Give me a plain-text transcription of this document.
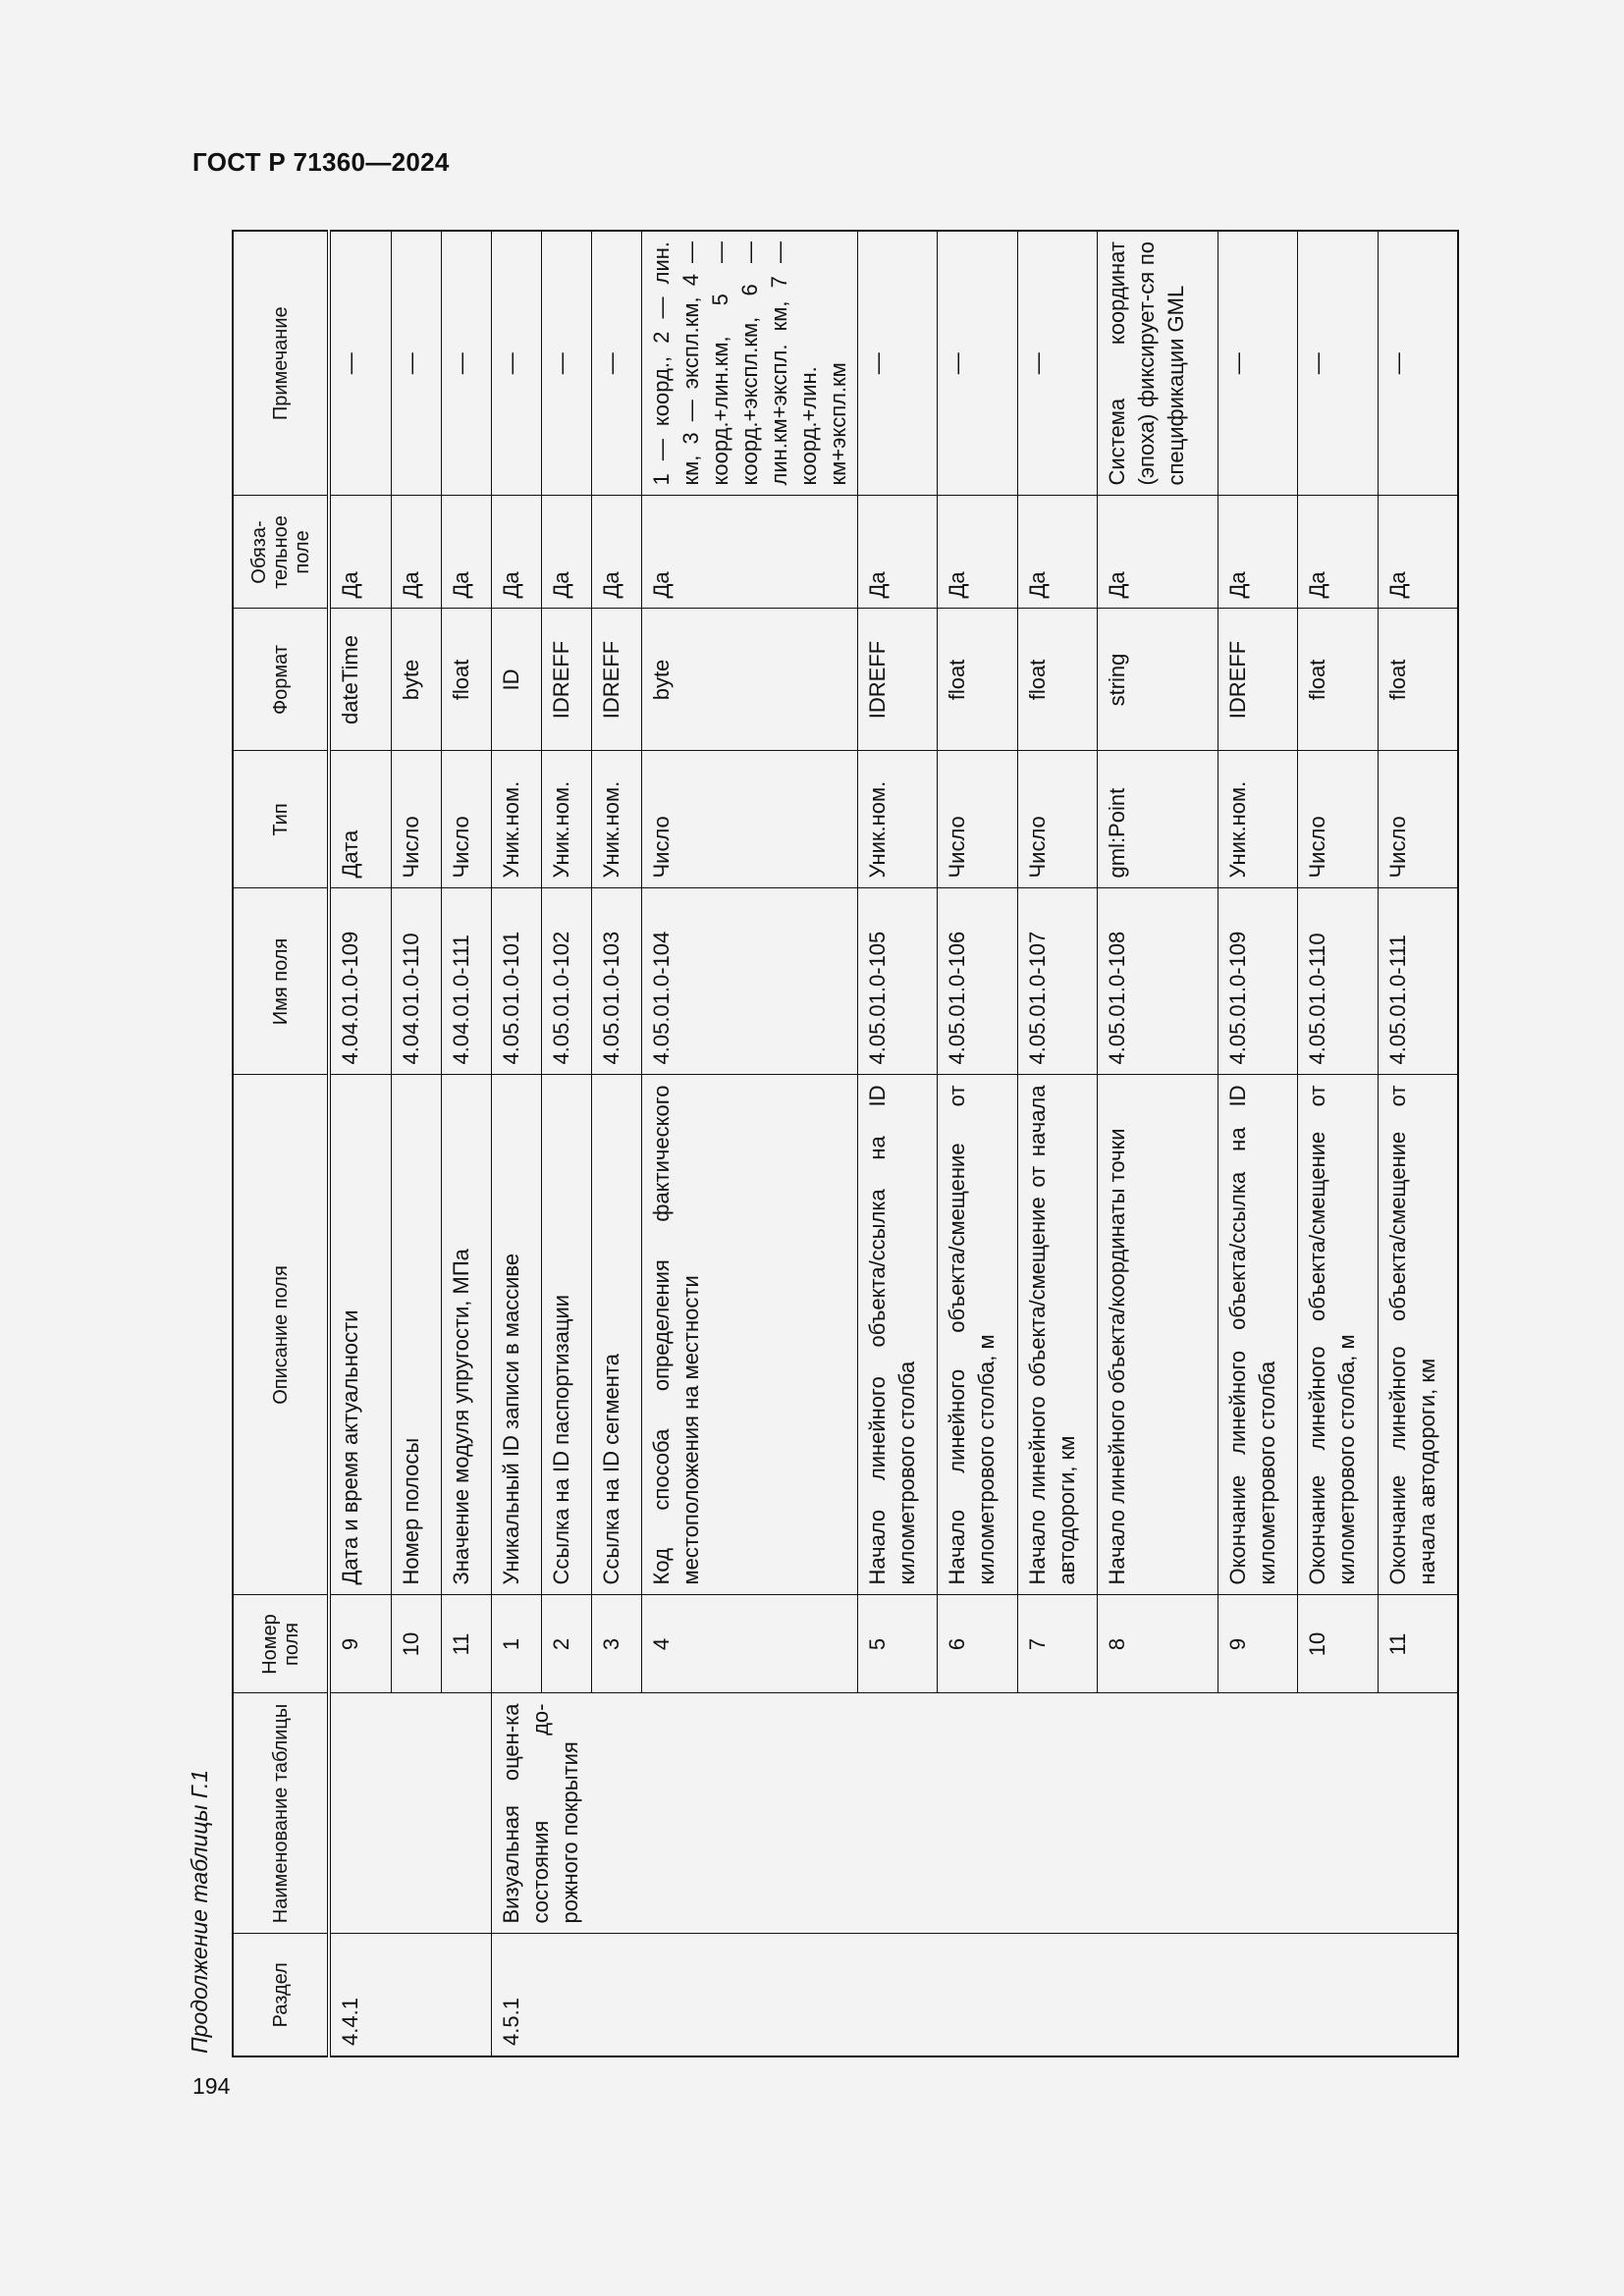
ГОСТ Р 71360—2024
Продолжение таблицы Г.1
194
Раздел	Наименование таблицы	Номер поля	Описание поля	Имя поля	Тип	Формат	Обяза-тельное поле	Примечание
4.4.1		9	Дата и время актуальности	4.04.01.0-109	Дата	dateTime	Да	—
		10	Номер полосы	4.04.01.0-110	Число	byte	Да	—
		11	Значение модуля упругости, МПа	4.04.01.0-111	Число	float	Да	—
4.5.1	Визуальная оцен-ка состояния до-рожного покрытия	1	Уникальный ID записи в массиве	4.05.01.0-101	Уник.ном.	ID	Да	—
		2	Ссылка на ID паспортизации	4.05.01.0-102	Уник.ном.	IDREFF	Да	—
		3	Ссылка на ID сегмента	4.05.01.0-103	Уник.ном.	IDREFF	Да	—
		4	Код способа определения фактического местоположения на местности	4.05.01.0-104	Число	byte	Да	1 — коорд., 2 — лин. км, 3 — экспл.км, 4 — коорд.+лин.км, 5 — коорд.+экспл.км, 6 — лин.км+экспл. км, 7 — коорд.+лин. км+экспл.км
		5	Начало линейного объекта/ссылка на ID километрового столба	4.05.01.0-105	Уник.ном.	IDREFF	Да	—
		6	Начало линейного объекта/смещение от километрового столба, м	4.05.01.0-106	Число	float	Да	—
		7	Начало линейного объекта/смещение от начала автодороги, км	4.05.01.0-107	Число	float	Да	—
		8	Начало линейного объекта/координаты точки	4.05.01.0-108	gml:Point	string	Да	Система координат (эпоха) фиксирует-ся по спецификации GML
		9	Окончание линейного объекта/ссылка на ID километрового столба	4.05.01.0-109	Уник.ном.	IDREFF	Да	—
		10	Окончание линейного объекта/смещение от километрового столба, м	4.05.01.0-110	Число	float	Да	—
		11	Окончание линейного объекта/смещение от начала автодороги, км	4.05.01.0-111	Число	float	Да	—
